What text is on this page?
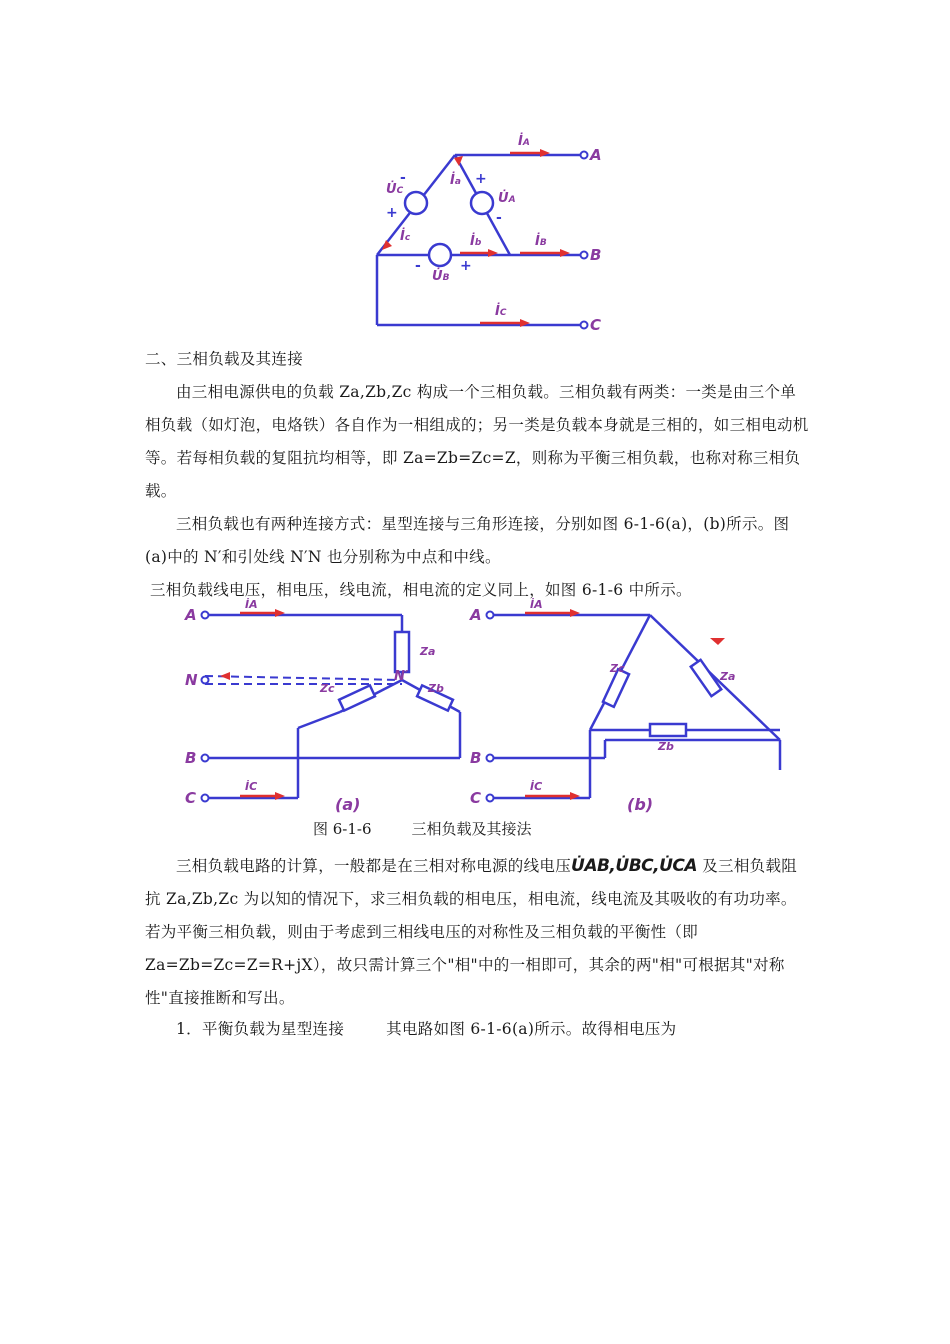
İA
A
B
C
İB
İC
İa
İb
İc
U̇C	U̇A
U̇B
-
+
+
-
-	+
二、三相负载及其连接
由三相电源供电的负载 Za,Zb,Zc 构成一个三相负载。三相负载有两类：一类是由三个单相负载（如灯泡，电烙铁）各自作为一相组成的；另一类是负载本身就是三相的，如三相电动机等。若每相负载的复阻抗均相等，即 Za=Zb=Zc=Z，则称为平衡三相负载，也称对称三相负载。
三相负载也有两种连接方式：星型连接与三角形连接，分别如图 6-1-6(a)，(b)所示。图(a)中的 N′和引处线 N′N 也分别称为中点和中线。
三相负载线电压，相电压，线电流，相电流的定义同上，如图 6-1-6 中所示。
A
N
B
C
A
B
C
N′
(a)	(b)
Za
Zc	Zb
Zc
Za
Zb
İA
İC
İA
İC
图 6-1-6	三相负载及其接法
三相负载电路的计算，一般都是在三相对称电源的线电压U̇AB,U̇BC,U̇CA 及三相负载阻抗 Za,Zb,Zc 为以知的情况下，求三相负载的相电压，相电流，线电流及其吸收的有功功率。若为平衡三相负载，则由于考虑到三相线电压的对称性及三相负载的平衡性（即 Za=Zb=Zc=Z=R+jX），故只需计算三个"相"中的一相即可，其余的两"相"可根据其"对称性"直接推断和写出。
1．平衡负载为星型连接	其电路如图 6-1-6(a)所示。故得相电压为
